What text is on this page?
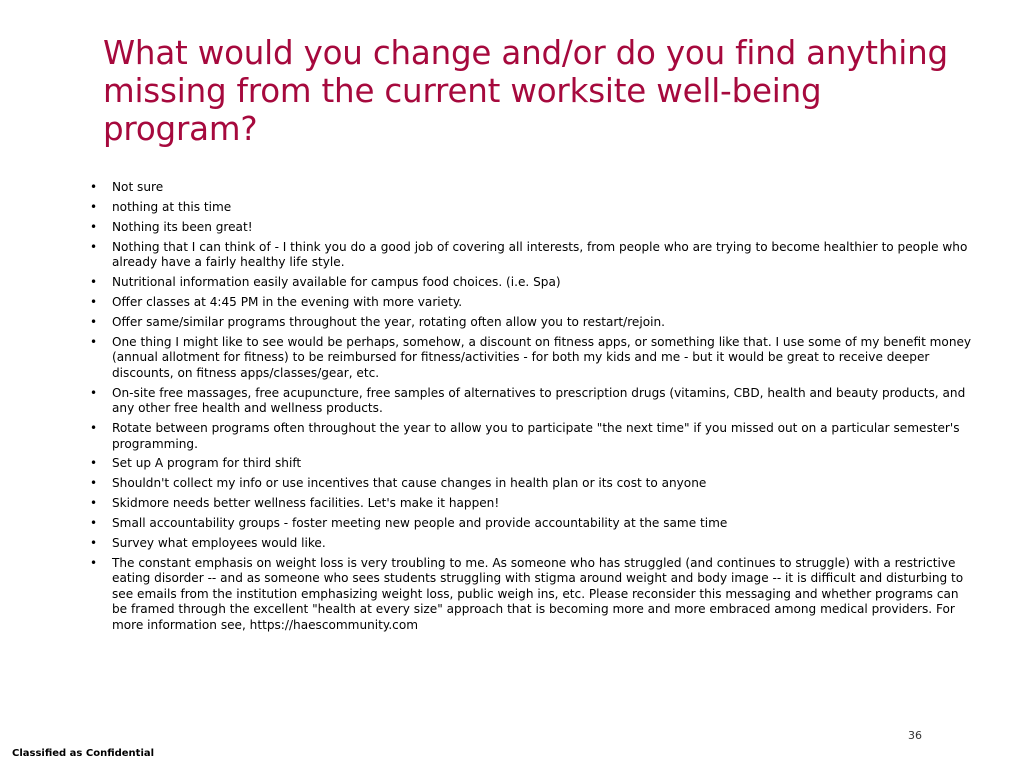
What would you change and/or do you find anything missing from the current worksite well-being program?
• Not sure
• nothing at this time
• Nothing its been great!
• Nothing that I can think of - I think you do a good job of covering all interests, from people who are trying to become healthier to people who already have a fairly healthy life style.
• Nutritional information easily available for campus food choices. (i.e. Spa)
• Offer classes at 4:45 PM in the evening with more variety.
• Offer same/similar programs throughout the year, rotating often allow you to restart/rejoin.
• One thing I might like to see would be perhaps, somehow, a discount on fitness apps, or something like that. I use some of my benefit money (annual allotment for fitness) to be reimbursed for fitness/activities - for both my kids and me - but it would be great to receive deeper discounts, on fitness apps/classes/gear, etc.
• On-site free massages, free acupuncture, free samples of alternatives to prescription drugs (vitamins, CBD, health and beauty products, and any other free health and wellness products.
• Rotate between programs often throughout the year to allow you to participate "the next time" if you missed out on a particular semester's programming.
• Set up A program for third shift
• Shouldn't collect my info or use incentives that cause changes in health plan or its cost to anyone
• Skidmore needs better wellness facilities. Let's make it happen!
• Small accountability groups - foster meeting new people and provide accountability at the same time
• Survey what employees would like.
• The constant emphasis on weight loss is very troubling to me. As someone who has struggled (and continues to struggle) with a restrictive eating disorder -- and as someone who sees students struggling with stigma around weight and body image -- it is difficult and disturbing to see emails from the institution emphasizing weight loss, public weigh ins, etc. Please reconsider this messaging and whether programs can be framed through the excellent "health at every size" approach that is becoming more and more embraced among medical providers. For more information see, https://haescommunity.com
36
Classified as Confidential
